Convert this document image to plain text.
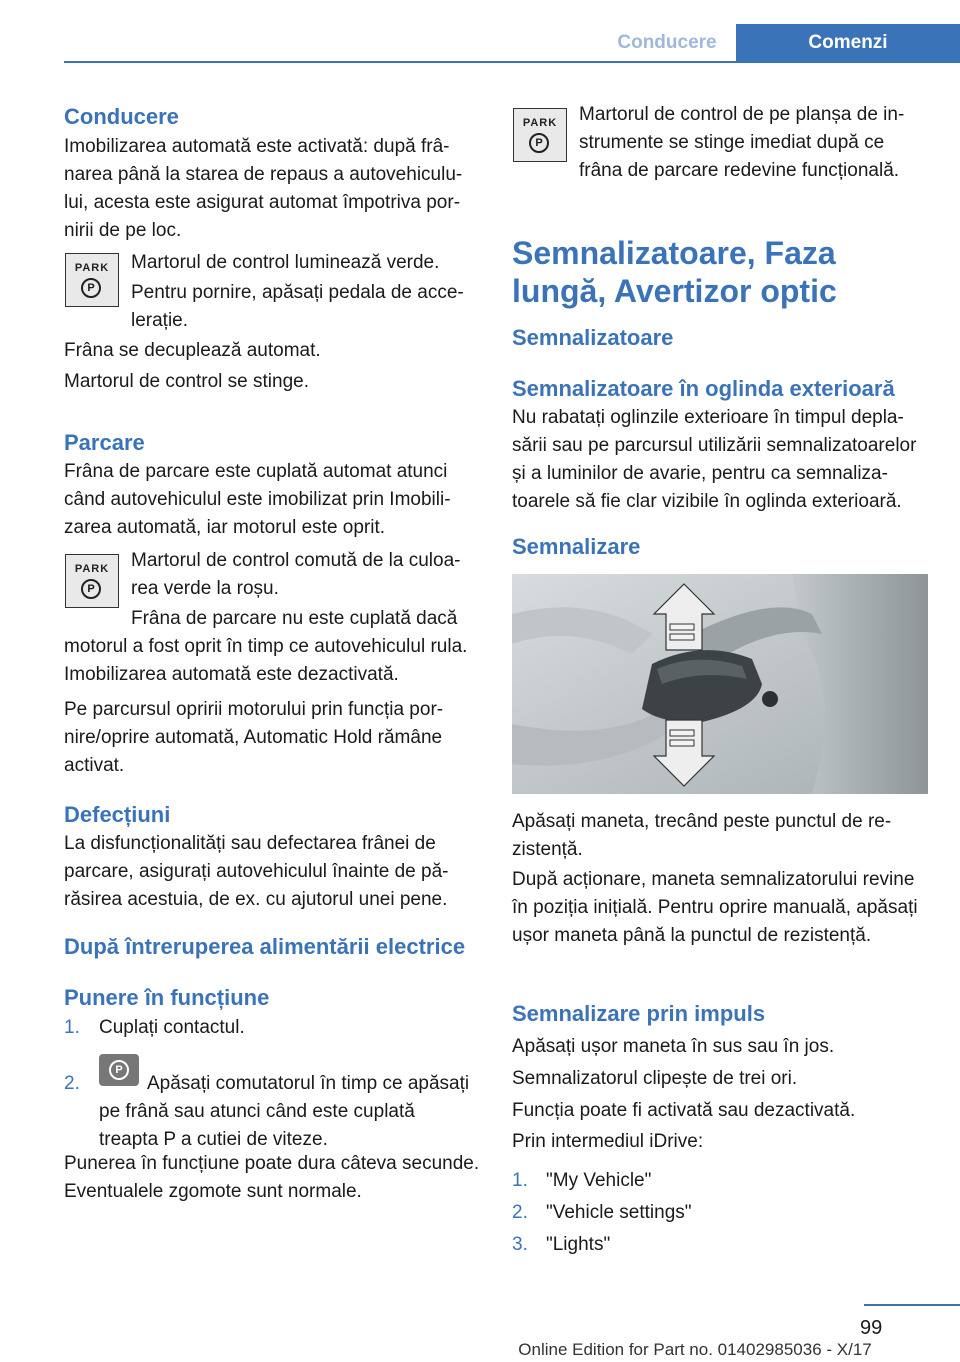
Conducere	Comenzi
Conducere

Imobilizarea automată este activată: după frânarea până la starea de repaus a autovehiculului, acesta este asigurat automat împotriva pornirii de pe loc.

PARK
P

Martorul de control luminează verde.

Pentru pornire, apăsați pedala de accelerație.

Frâna se decuplează automat.

Martorul de control se stinge.

Parcare

Frâna de parcare este cuplată automat atunci când autovehiculul este imobilizat prin Imobilizarea automată, iar motorul este oprit.

PARK
P

Martorul de control comută de la culoarea verde la roșu.

Frâna de parcare nu este cuplată dacă

motorul a fost oprit în timp ce autovehiculul rula. Imobilizarea automată este dezactivată.

Pe parcursul opririi motorului prin funcția pornire/oprire automată, Automatic Hold rămâne activat.

Defecțiuni

La disfuncționalități sau defectarea frânei de parcare, asigurați autovehiculul înainte de părăsirea acestuia, de ex. cu ajutorul unei pene.

După întreruperea alimentării electrice
Punere în funcțiune
1. Cuplați contactul.

2.
P

Apăsați comutatorul în timp ce apăsați pe frână sau atunci când este cuplată treapta P a cutiei de viteze.

Punerea în funcțiune poate dura câteva secunde. Eventualele zgomote sunt normale.

PARK
P

Martorul de control de pe planșa de instrumente se stinge imediat după ce frâna de parcare redevine funcțională.

Semnalizatoare, Faza lungă, Avertizor optic
Semnalizatoare
Semnalizatoare în oglinda exterioară

Nu rabatați oglinzile exterioare în timpul deplasării sau pe parcursul utilizării semnalizatoarelor și a luminilor de avarie, pentru ca semnalizatoarele să fie clar vizibile în oglinda exterioară.

Semnalizare

Apăsați maneta, trecând peste punctul de rezistență.

După acționare, maneta semnalizatorului revine în poziția inițială. Pentru oprire manuală, apăsați ușor maneta până la punctul de rezistență.

Semnalizare prin impuls

Apăsați ușor maneta în sus sau în jos.

Semnalizatorul clipește de trei ori.

Funcția poate fi activată sau dezactivată.

Prin intermediul iDrive:

1. "My Vehicle"

2. "Vehicle settings"

3. "Lights"

99
Online Edition for Part no. 01402985036 - X/17
